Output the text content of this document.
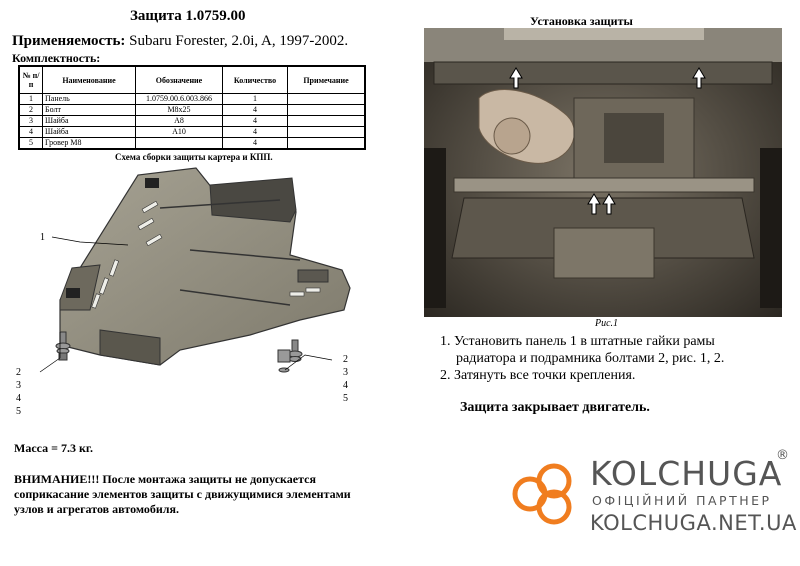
Защита 1.0759.00
Применяемость: Subaru Forester, 2.0i, A, 1997-2002.
Комплектность:
№ п/п	Наименование	Обозначение	Количество	Примечание
1	Панель	1.0759.00.6.003.866	1	
2	Болт	M8x25	4	
3	Шайба	A8	4	
4	Шайба	A10	4	
5	Гровер M8		4	
Схема сборки защиты картера и КПП.
1
2
3
4
5
2
3
4
5
Установка защиты
Рис.1
1. Установить панель 1 в штатные гайки рамы
радиатора и подрамника болтами 2, рис. 1, 2.
2. Затянуть все точки крепления.
Защита закрывает двигатель.
Масса = 7.3 кг.
ВНИМАНИЕ!!! После монтажа защиты не допускается
соприкасание элементов защиты с движущимися элементами
узлов и агрегатов автомобиля.
KOLCHUGA
®
ОФІЦІЙНИЙ ПАРТНЕР
KOLCHUGA.NET.UA
